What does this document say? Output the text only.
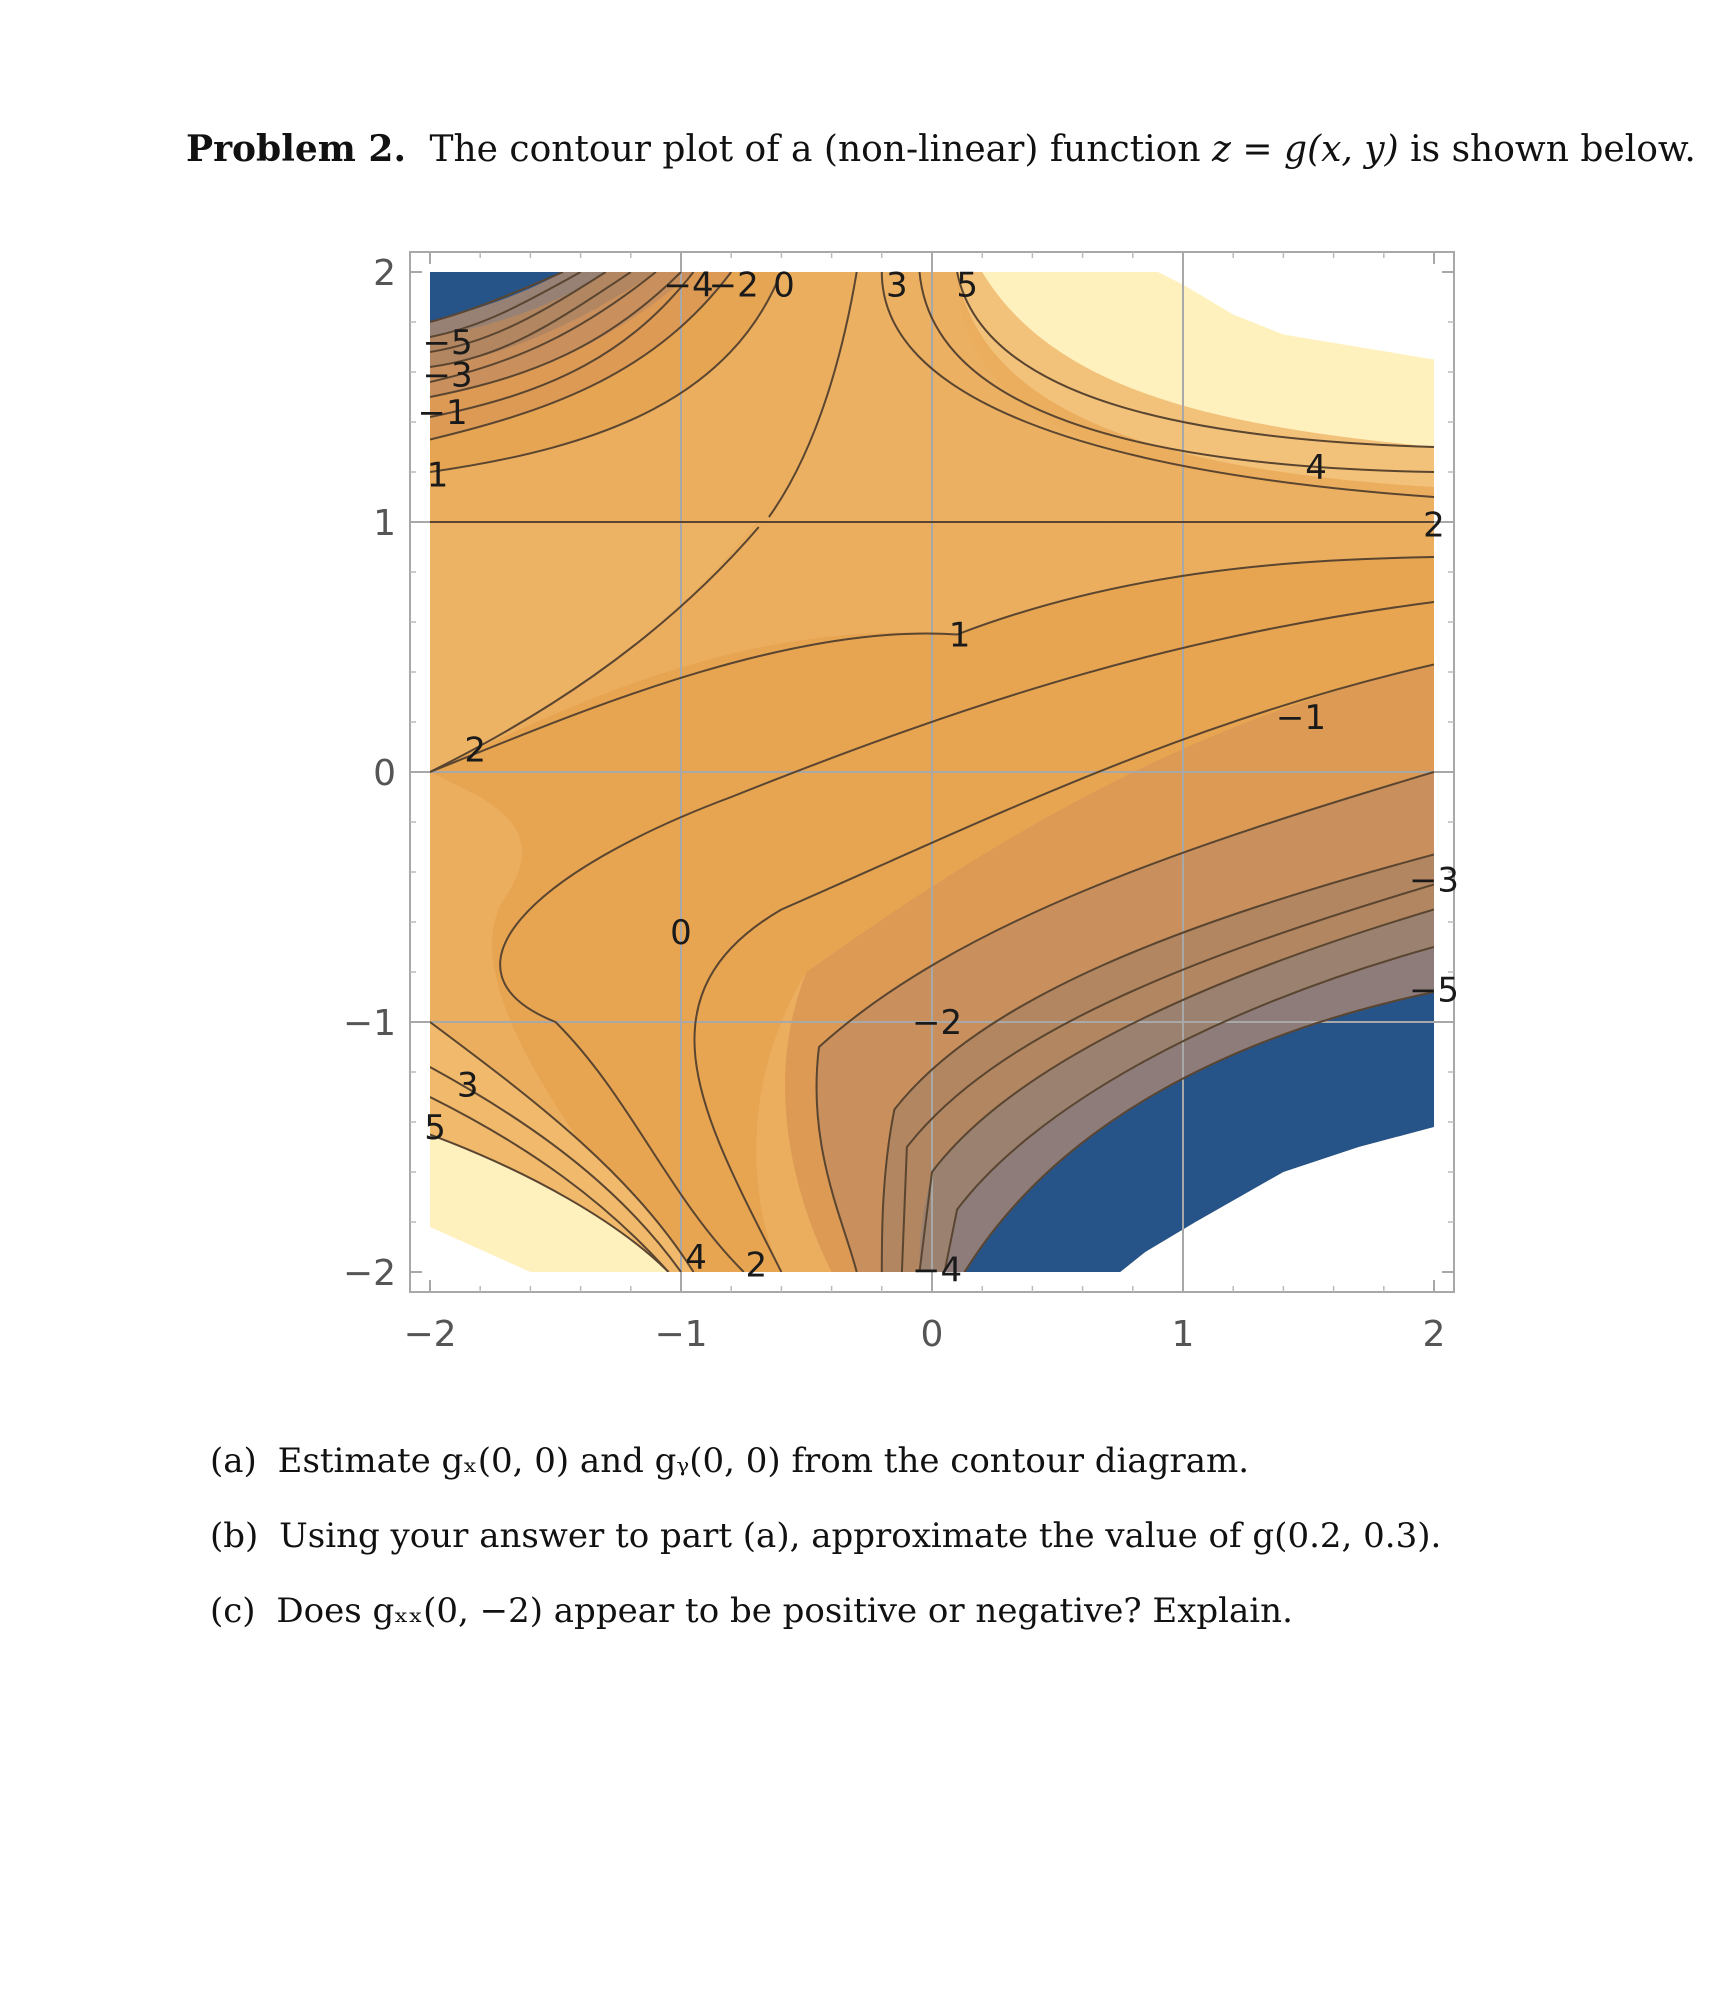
Problem 2. The contour plot of a (non-linear) function z = g(x, y) is shown below.
−2	−1	0	1	2
−2
−1
0
1
2	−4
−2 0	3 5
−5
−3
−1
1	4
2
1
−1
2
0
−3
−5
−2
3
5
4 2	−4
(a) Estimate gₓ(0, 0) and gᵧ(0, 0) from the contour diagram.
(b) Using your answer to part (a), approximate the value of g(0.2, 0.3).
(c) Does gₓₓ(0, −2) appear to be positive or negative? Explain.
